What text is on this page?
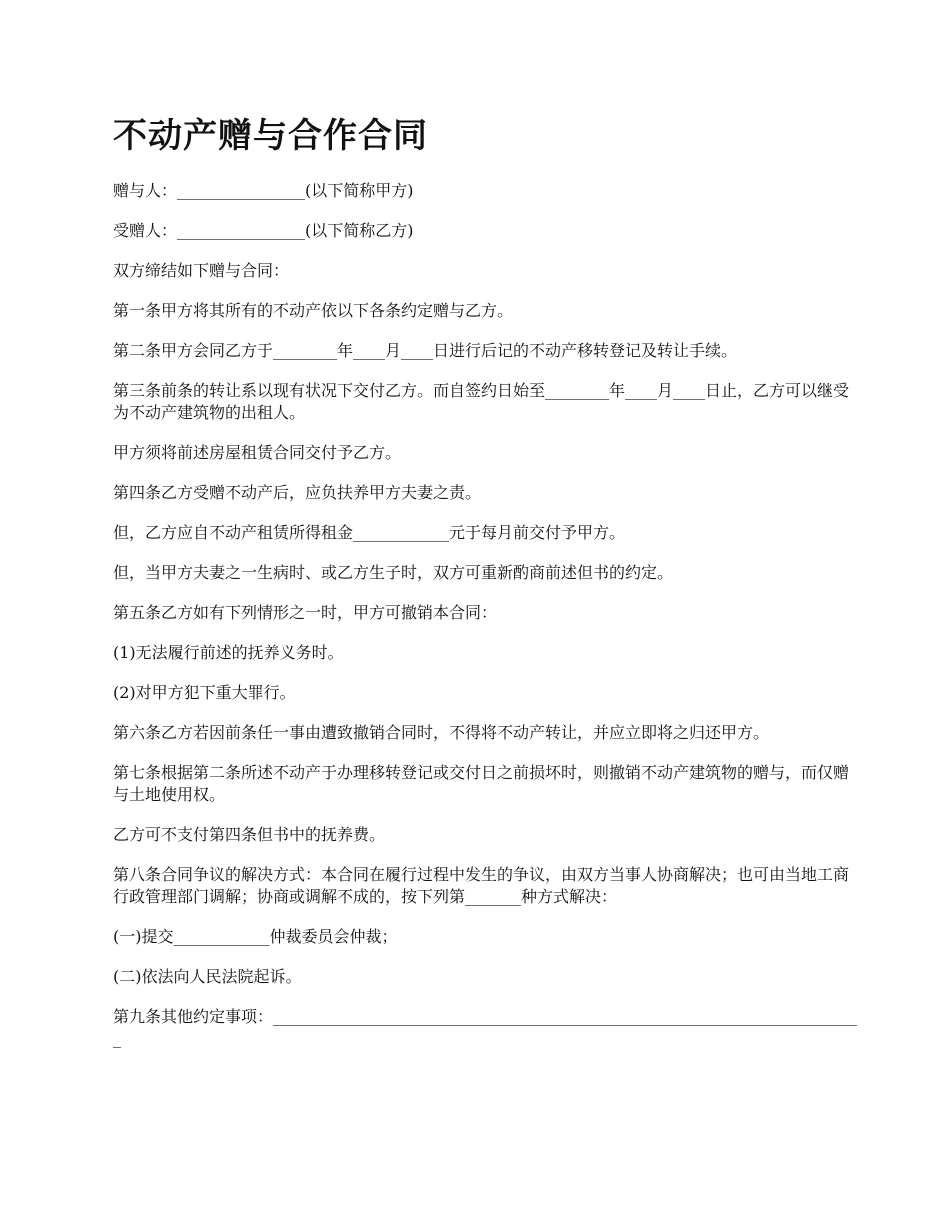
不动产赠与合作合同

赠与人：________________(以下简称甲方)

受赠人：________________(以下简称乙方)

双方缔结如下赠与合同：

第一条甲方将其所有的不动产依以下各条约定赠与乙方。

第二条甲方会同乙方于________年____月____日进行后记的不动产移转登记及转让手续。

第三条前条的转让系以现有状况下交付乙方。而自签约日始至________年____月____日止，乙方可以继受为不动产建筑物的出租人。

甲方须将前述房屋租赁合同交付予乙方。

第四条乙方受赠不动产后，应负扶养甲方夫妻之责。

但，乙方应自不动产租赁所得租金____________元于每月前交付予甲方。

但，当甲方夫妻之一生病时、或乙方生子时，双方可重新酌商前述但书的约定。

第五条乙方如有下列情形之一时，甲方可撤销本合同：

(1)无法履行前述的抚养义务时。

(2)对甲方犯下重大罪行。

第六条乙方若因前条任一事由遭致撤销合同时，不得将不动产转让，并应立即将之归还甲方。

第七条根据第二条所述不动产于办理移转登记或交付日之前损坏时，则撤销不动产建筑物的赠与，而仅赠与土地使用权。

乙方可不支付第四条但书中的抚养费。

第八条合同争议的解决方式：本合同在履行过程中发生的争议，由双方当事人协商解决；也可由当地工商行政管理部门调解；协商或调解不成的，按下列第_______种方式解决：

(一)提交____________仲裁委员会仲裁；

(二)依法向人民法院起诉。

第九条其他约定事项：__________________________________________________________________________
